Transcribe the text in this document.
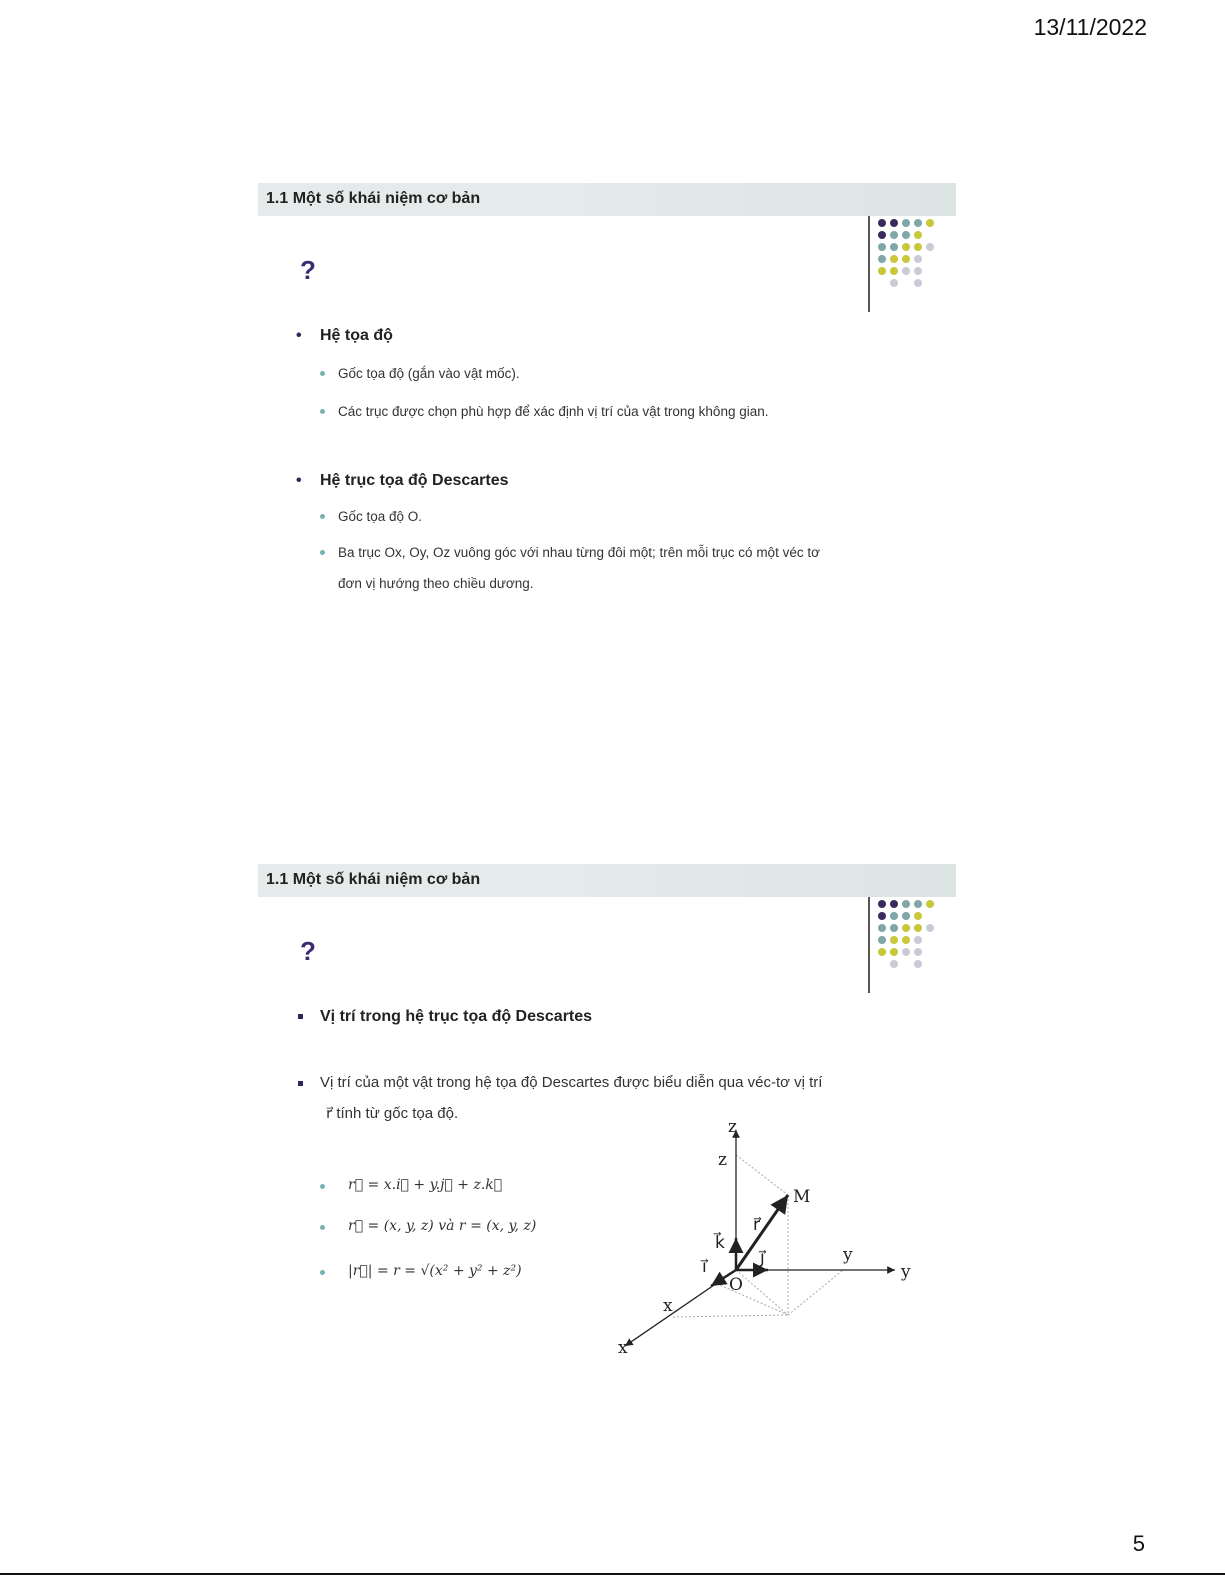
13/11/2022
1.1 Một số khái niệm cơ bản
?
• Hệ tọa độ
Gốc tọa độ (gắn vào vật mốc).
Các trục được chọn phù hợp để xác định vị trí của vật trong không gian.
• Hệ trục tọa độ Descartes
Gốc tọa độ O.
Ba trục Ox, Oy, Oz vuông góc với nhau từng đôi một; trên mỗi trục có một véc tơ
đơn vị hướng theo chiều dương.
1.1 Một số khái niệm cơ bản
?
Vị trí trong hệ trục tọa độ Descartes
Vị trí của một vật trong hệ tọa độ Descartes được biểu diễn qua véc-tơ vị trí
r⃗ tính từ gốc tọa độ.
r⃗ = x.i⃗ + y.j⃗ + z.k⃗
r⃗ = (x, y, z) và r = (x, y, z)
|r⃗| = r = √(x² + y² + z²)
z
z
y
y
x
x
O
M
r⃗
k⃗
j⃗
i⃗
5
